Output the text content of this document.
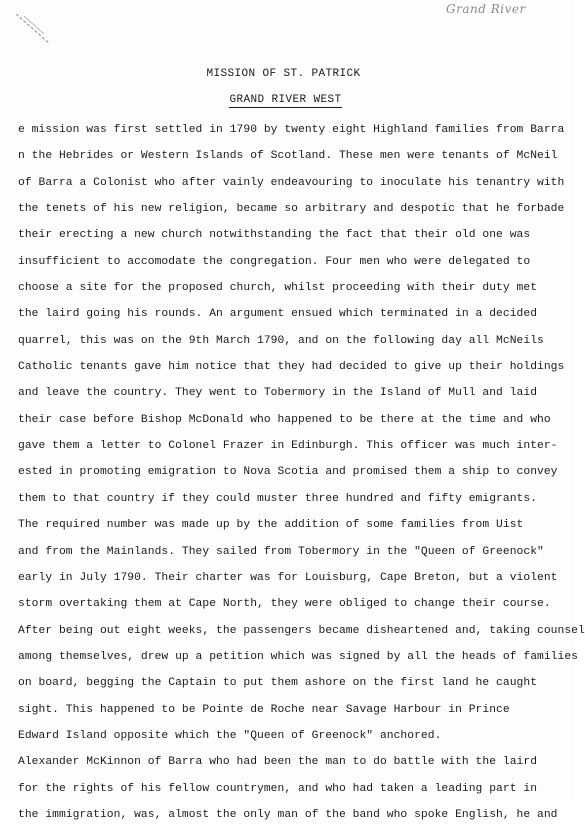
Grand River
MISSION OF ST. PATRICK
GRAND RIVER WEST
e mission was first settled in 1790 by twenty eight Highland families from Barra
n the Hebrides or Western Islands of Scotland. These men were tenants of McNeil
of Barra a Colonist who after vainly endeavouring to inoculate his tenantry with
the tenets of his new religion, became so arbitrary and despotic that he forbade
their erecting a new church notwithstanding the fact that their old one was
insufficient to accomodate the congregation. Four men who were delegated to
choose a site for the proposed church, whilst proceeding with their duty met
the laird going his rounds. An argument ensued which terminated in a decided
quarrel, this was on the 9th March 1790, and on the following day all McNeils
Catholic tenants gave him notice that they had decided to give up their holdings
and leave the country. They went to Tobermory in the Island of Mull and laid
their case before Bishop McDonald who happened to be there at the time and who
gave them a letter to Colonel Frazer in Edinburgh. This officer was much inter-
ested in promoting emigration to Nova Scotia and promised them a ship to convey
them to that country if they could muster three hundred and fifty emigrants.
The required number was made up by the addition of some families from Uist
and from the Mainlands. They sailed from Tobermory in the "Queen of Greenock"
early in July 1790. Their charter was for Louisburg, Cape Breton, but a violent
storm overtaking them at Cape North, they were obliged to change their course.
After being out eight weeks, the passengers became disheartened and, taking counsel
among themselves, drew up a petition which was signed by all the heads of families
on board, begging the Captain to put them ashore on the first land he caught
sight. This happened to be Pointe de Roche near Savage Harbour in Prince
Edward Island opposite which the "Queen of Greenock" anchored.
Alexander McKinnon of Barra who had been the man to do battle with the laird
for the rights of his fellow countrymen, and who had taken a leading part in
the immigration, was, almost the only man of the band who spoke English, he and
